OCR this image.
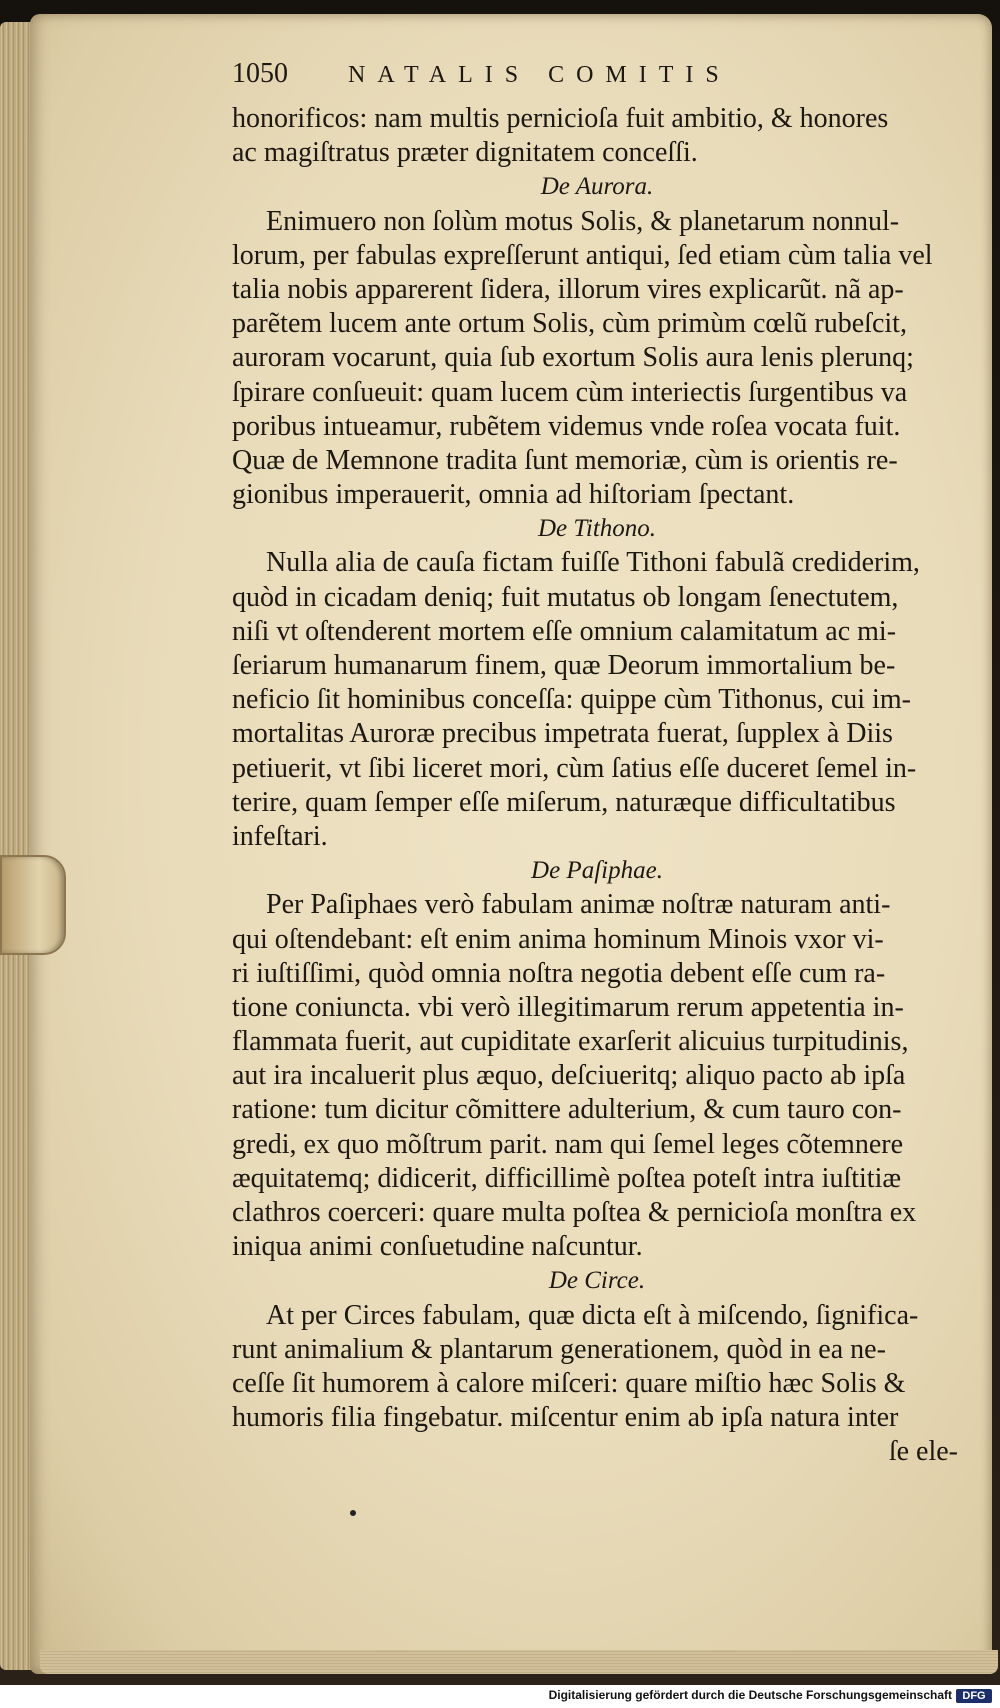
1050	NATALIS COMITIS
honorificos: nam multis pernicioſa fuit ambitio, & honores
ac magiſtratus præter dignitatem conceſſi.
De Aurora.
Enimuero non ſolùm motus Solis, & planetarum nonnul-
lorum, per fabulas expreſſerunt antiqui, ſed etiam cùm talia vel
talia nobis apparerent ſidera, illorum vires explicarũt. nã ap-
parẽtem lucem ante ortum Solis, cùm primùm cœlũ rubeſcit,
auroram vocarunt, quia ſub exortum Solis aura lenis plerunq;
ſpirare conſueuit: quam lucem cùm interiectis ſurgentibus va
poribus intueamur, rubẽtem videmus vnde roſea vocata fuit.
Quæ de Memnone tradita ſunt memoriæ, cùm is orientis re-
gionibus imperauerit, omnia ad hiſtoriam ſpectant.
De Tithono.
Nulla alia de cauſa fictam fuiſſe Tithoni fabulã crediderim,
quòd in cicadam deniq; fuit mutatus ob longam ſenectutem,
niſi vt oſtenderent mortem eſſe omnium calamitatum ac mi-
ſeriarum humanarum finem, quæ Deorum immortalium be-
neficio ſit hominibus conceſſa: quippe cùm Tithonus, cui im-
mortalitas Auroræ precibus impetrata fuerat, ſupplex à Diis
petiuerit, vt ſibi liceret mori, cùm ſatius eſſe duceret ſemel in-
terire, quam ſemper eſſe miſerum, naturæque difficultatibus
infeſtari.
De Paſiphae.
Per Paſiphaes verò fabulam animæ noſtræ naturam anti-
qui oſtendebant: eſt enim anima hominum Minois vxor vi-
ri iuſtiſſimi, quòd omnia noſtra negotia debent eſſe cum ra-
tione coniuncta. vbi verò illegitimarum rerum appetentia in-
flammata fuerit, aut cupiditate exarſerit alicuius turpitudinis,
aut ira incaluerit plus æquo, deſciueritq; aliquo pacto ab ipſa
ratione: tum dicitur cõmittere adulterium, & cum tauro con-
gredi, ex quo mõſtrum parit. nam qui ſemel leges cõtemnere
æquitatemq; didicerit, difficillimè poſtea poteſt intra iuſtitiæ
clathros coerceri: quare multa poſtea & pernicioſa monſtra ex
iniqua animi conſuetudine naſcuntur.
De Circe.
At per Circes fabulam, quæ dicta eſt à miſcendo, ſignifica-
runt animalium & plantarum generationem, quòd in ea ne-
ceſſe ſit humorem à calore miſceri: quare miſtio hæc Solis &
humoris filia fingebatur. miſcentur enim ab ipſa natura inter
ſe ele-
Digitalisierung gefördert durch die Deutsche Forschungsgemeinschaft DFG
